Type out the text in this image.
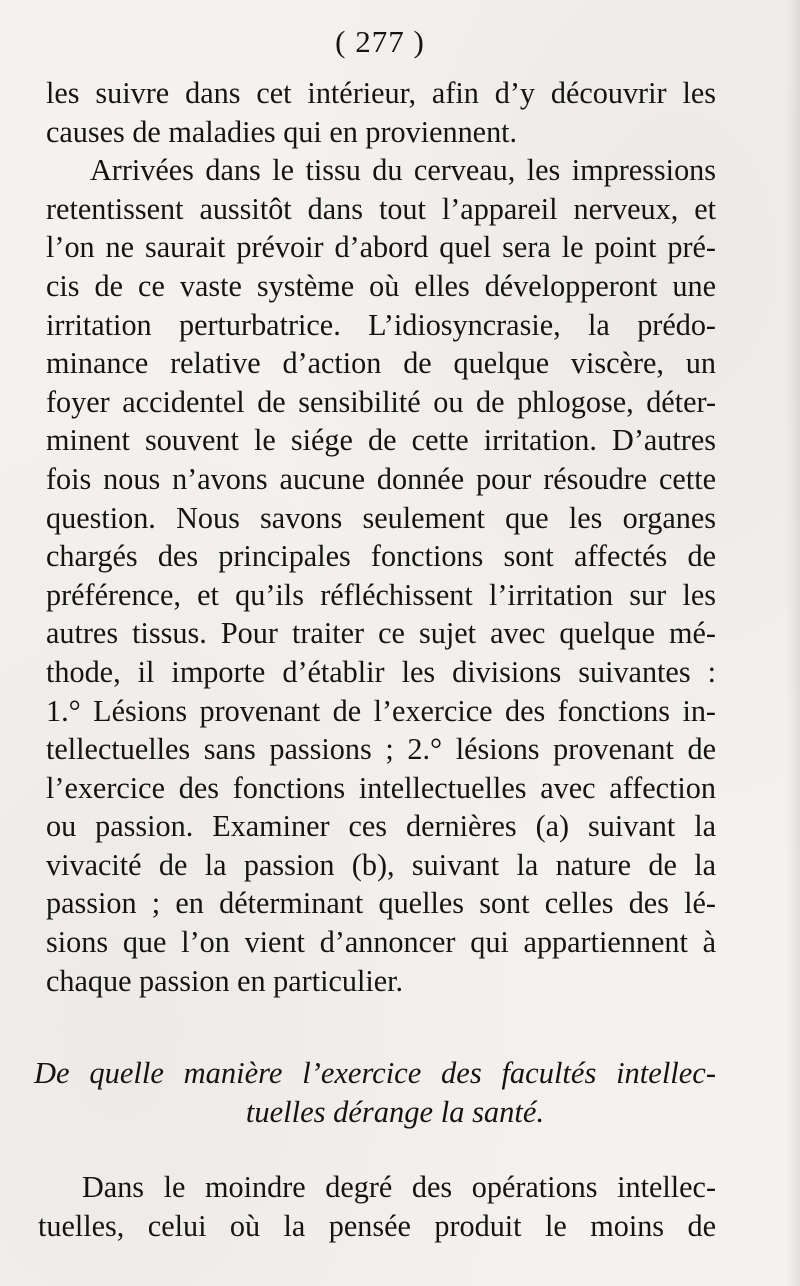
( 277 )
les suivre dans cet intérieur, afin d’y découvrir les
causes de maladies qui en proviennent.
Arrivées dans le tissu du cerveau, les impressions
retentissent aussitôt dans tout l’appareil nerveux, et
l’on ne saurait prévoir d’abord quel sera le point pré-
cis de ce vaste système où elles développeront une
irritation perturbatrice. L’idiosyncrasie, la prédo-
minance relative d’action de quelque viscère, un
foyer accidentel de sensibilité ou de phlogose, déter-
minent souvent le siége de cette irritation. D’autres
fois nous n’avons aucune donnée pour résoudre cette
question. Nous savons seulement que les organes
chargés des principales fonctions sont affectés de
préférence, et qu’ils réfléchissent l’irritation sur les
autres tissus. Pour traiter ce sujet avec quelque mé-
thode, il importe d’établir les divisions suivantes :
1.° Lésions provenant de l’exercice des fonctions in-
tellectuelles sans passions ; 2.° lésions provenant de
l’exercice des fonctions intellectuelles avec affection
ou passion. Examiner ces dernières (a) suivant la
vivacité de la passion (b), suivant la nature de la
passion ; en déterminant quelles sont celles des lé-
sions que l’on vient d’annoncer qui appartiennent à
chaque passion en particulier.
De quelle manière l’exercice des facultés intellec-
tuelles dérange la santé.
Dans le moindre degré des opérations intellec-
tuelles, celui où la pensée produit le moins de
